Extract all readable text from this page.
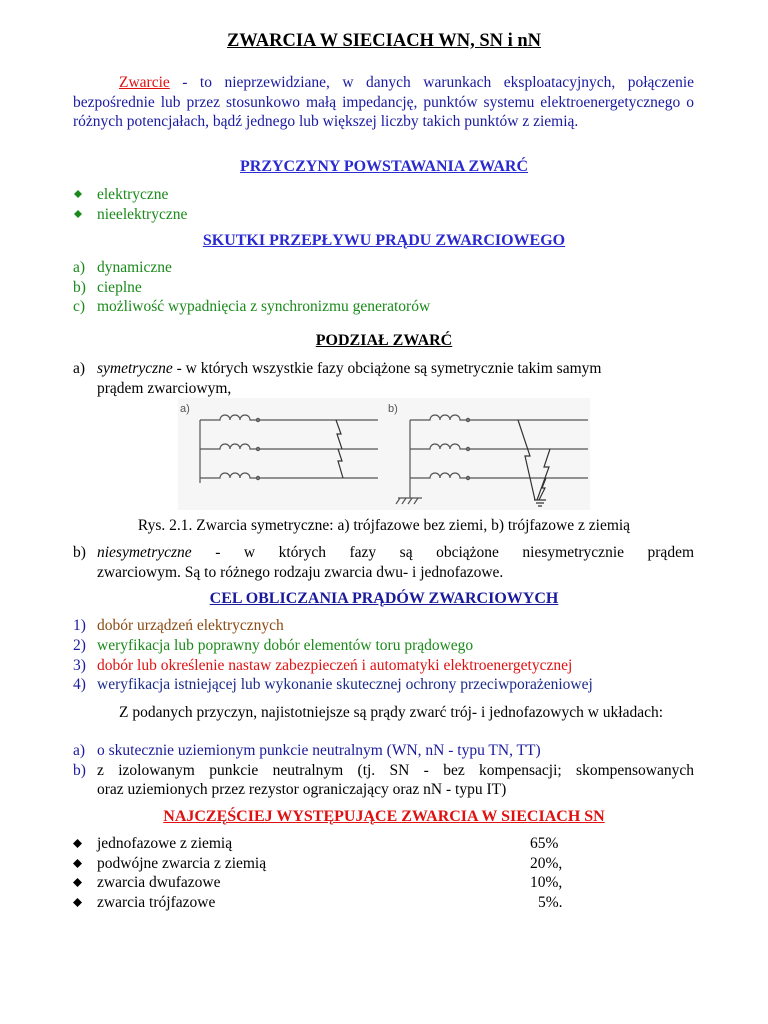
ZWARCIA W SIECIACH WN, SN i nN
Zwarcie - to nieprzewidziane, w danych warunkach eksploatacyjnych, połączenie bezpośrednie lub przez stosunkowo małą impedancję, punktów systemu elektroenergetycznego o różnych potencjałach, bądź jednego lub większej liczby takich punktów z ziemią.
PRZYCZYNY POWSTAWANIA ZWARĆ
elektryczne
nieelektryczne
SKUTKI PRZEPŁYWU PRĄDU ZWARCIOWEGO
a) dynamiczne
b) cieplne
c) możliwość wypadnięcia z synchronizmu generatorów
PODZIAŁ ZWARĆ
a) symetryczne - w których wszystkie fazy obciążone są symetrycznie takim samym
prądem zwarciowym,
a)	b)
Rys. 2.1. Zwarcia symetryczne: a) trójfazowe bez ziemi, b) trójfazowe z ziemią
b) niesymetryczne - w których fazy są obciążone niesymetrycznie prądem
zwarciowym. Są to różnego rodzaju zwarcia dwu- i jednofazowe.
CEL OBLICZANIA PRĄDÓW ZWARCIOWYCH
1) dobór urządzeń elektrycznych
2) weryfikacja lub poprawny dobór elementów toru prądowego
3) dobór lub określenie nastaw zabezpieczeń i automatyki elektroenergetycznej
4) weryfikacja istniejącej lub wykonanie skutecznej ochrony przeciwporażeniowej
Z podanych przyczyn, najistotniejsze są prądy zwarć trój- i jednofazowych w układach:
a) o skutecznie uziemionym punkcie neutralnym (WN, nN - typu TN, TT)
b) z izolowanym punkcie neutralnym (tj. SN - bez kompensacji; skompensowanych
oraz uziemionych przez rezystor ograniczający oraz nN - typu IT)
NAJCZĘŚCIEJ WYSTĘPUJĄCE ZWARCIA W SIECIACH SN
jednofazowe z ziemią	65%
podwójne zwarcia z ziemią	20%,
zwarcia dwufazowe	10%,
zwarcia trójfazowe	5%.
